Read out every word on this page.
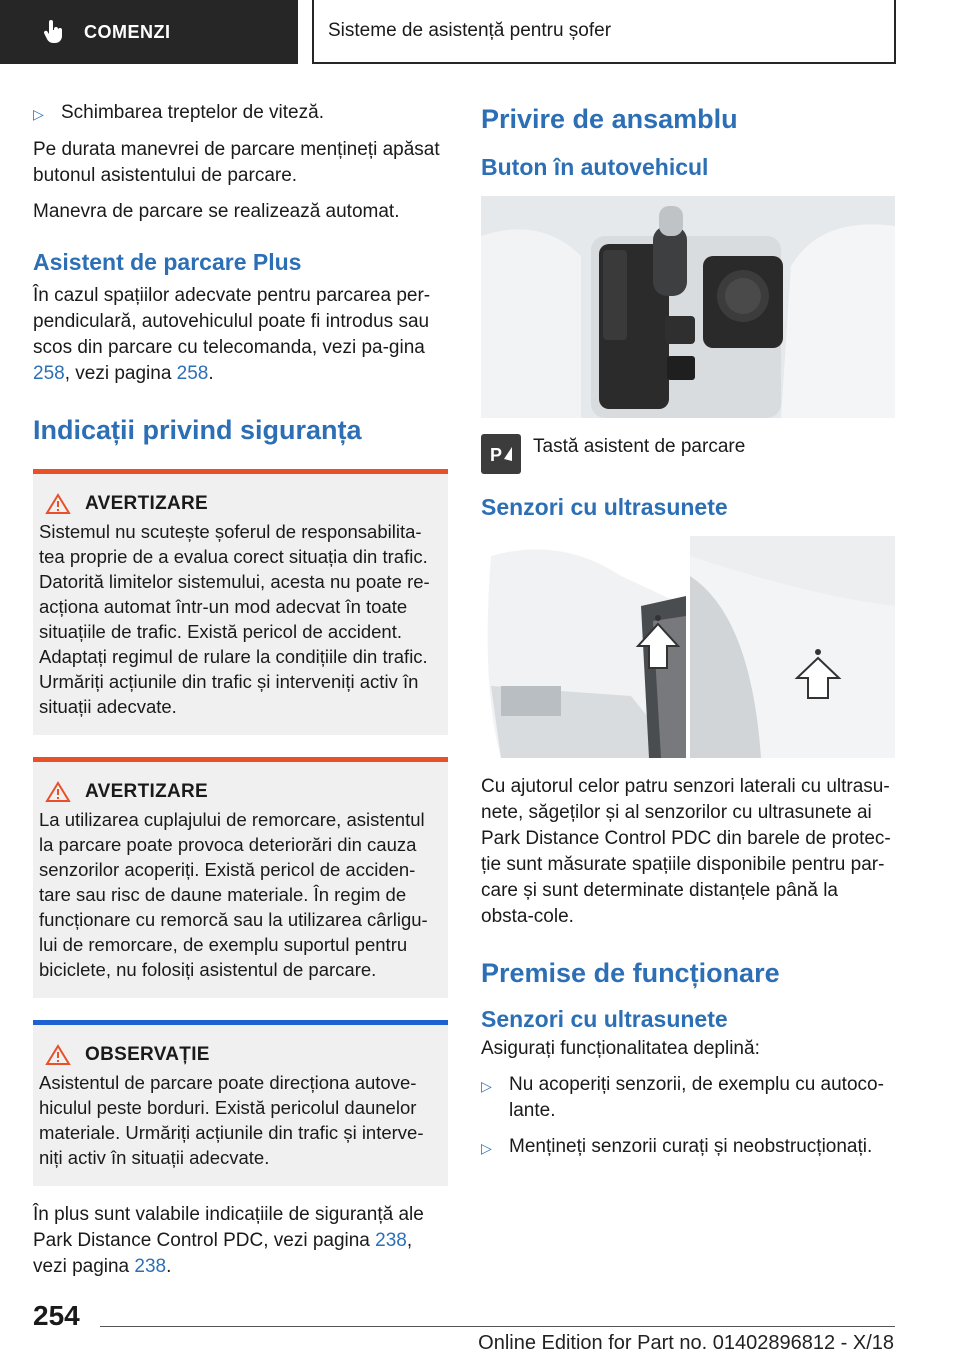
COMENZI	Sisteme de asistență pentru șofer
▷ Schimbarea treptelor de viteză.

Pe durata manevrei de parcare mențineți apăsat butonul asistentului de parcare.

Manevra de parcare se realizează automat.

Asistent de parcare Plus

În cazul spațiilor adecvate pentru parcarea per-pendiculară, autovehiculul poate fi introdus sau scos din parcare cu telecomanda, vezi pa-gina 258, vezi pagina 258.

Indicații privind siguranța
AVERTIZARE

Sistemul nu scutește șoferul de responsabilita-tea proprie de a evalua corect situația din trafic. Datorită limitelor sistemului, acesta nu poate re-acționa automat într-un mod adecvat în toate situațiile de trafic. Există pericol de accident. Adaptați regimul de rulare la condițiile din trafic. Urmăriți acțiunile din trafic și interveniți activ în situații adecvate.

AVERTIZARE

La utilizarea cuplajului de remorcare, asistentul la parcare poate provoca deteriorări din cauza senzorilor acoperiți. Există pericol de acciden-tare sau risc de daune materiale. În regim de funcționare cu remorcă sau la utilizarea cârligu-lui de remorcare, de exemplu suportul pentru biciclete, nu folosiți asistentul de parcare.

OBSERVAȚIE

Asistentul de parcare poate direcționa autove-hiculul peste borduri. Există pericolul daunelor materiale. Urmăriți acțiunile din trafic și interve-niți activ în situații adecvate.

În plus sunt valabile indicațiile de siguranță ale Park Distance Control PDC, vezi pagina 238, vezi pagina 238.

Privire de ansamblu
Buton în autovehicul
P Tastă asistent de parcare
Senzori cu ultrasunete

Cu ajutorul celor patru senzori laterali cu ultrasu-nete, săgeților și al senzorilor cu ultrasunete ai Park Distance Control PDC din barele de protec-ție sunt măsurate spațiile disponibile pentru par-care și sunt determinate distanțele până la obsta-cole.

Premise de funcționare
Senzori cu ultrasunete

Asigurați funcționalitatea deplină:

▷ Nu acoperiți senzorii, de exemplu cu autoco-lante.
▷ Mențineți senzorii curați și neobstrucționați.
254
Online Edition for Part no. 01402896812 - X/18
